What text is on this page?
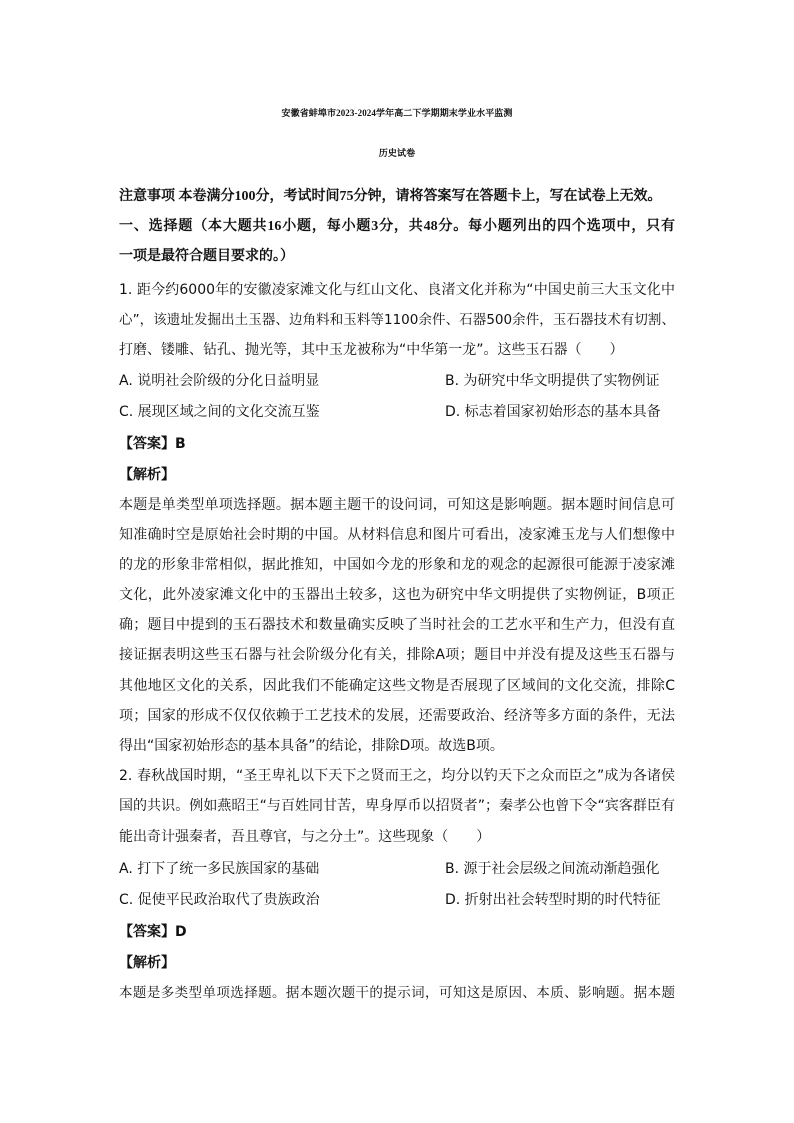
安徽省蚌埠市2023-2024学年高二下学期期末学业水平监测
历史试卷
注意事项 本卷满分100分，考试时间75分钟，请将答案写在答题卡上，写在试卷上无效。
一、选择题（本大题共16小题，每小题3分，共48分。每小题列出的四个选项中，只有
一项是最符合题目要求的。）
1. 距今约6000年的安徽凌家滩文化与红山文化、良渚文化并称为“中国史前三大玉文化中
心”，该遗址发掘出土玉器、边角料和玉料等1100余件、石器500余件，玉石器技术有切割、
打磨、镂雕、钻孔、抛光等，其中玉龙被称为“中华第一龙”。这些玉石器（　　）
A. 说明社会阶级的分化日益明显	B. 为研究中华文明提供了实物例证
C. 展现区域之间的文化交流互鉴	D. 标志着国家初始形态的基本具备
【答案】B
【解析】
本题是单类型单项选择题。据本题主题干的设问词，可知这是影响题。据本题时间信息可
知准确时空是原始社会时期的中国。从材料信息和图片可看出，凌家滩玉龙与人们想像中
的龙的形象非常相似，据此推知，中国如今龙的形象和龙的观念的起源很可能源于凌家滩
文化，此外凌家滩文化中的玉器出土较多，这也为研究中华文明提供了实物例证，B项正
确；题目中提到的玉石器技术和数量确实反映了当时社会的工艺水平和生产力，但没有直
接证据表明这些玉石器与社会阶级分化有关，排除A项；题目中并没有提及这些玉石器与
其他地区文化的关系，因此我们不能确定这些文物是否展现了区域间的文化交流，排除C
项；国家的形成不仅仅依赖于工艺技术的发展，还需要政治、经济等多方面的条件，无法
得出“国家初始形态的基本具备”的结论，排除D项。故选B项。
2. 春秋战国时期，“圣王卑礼以下天下之贤而王之，均分以钓天下之众而臣之”成为各诸侯
国的共识。例如燕昭王“与百姓同甘苦，卑身厚币以招贤者”；秦孝公也曾下令“宾客群臣有
能出奇计强秦者，吾且尊官，与之分土”。这些现象（　　）
A. 打下了统一多民族国家的基础	B. 源于社会层级之间流动渐趋强化
C. 促使平民政治取代了贵族政治	D. 折射出社会转型时期的时代特征
【答案】D
【解析】
本题是多类型单项选择题。据本题次题干的提示词，可知这是原因、本质、影响题。据本题
